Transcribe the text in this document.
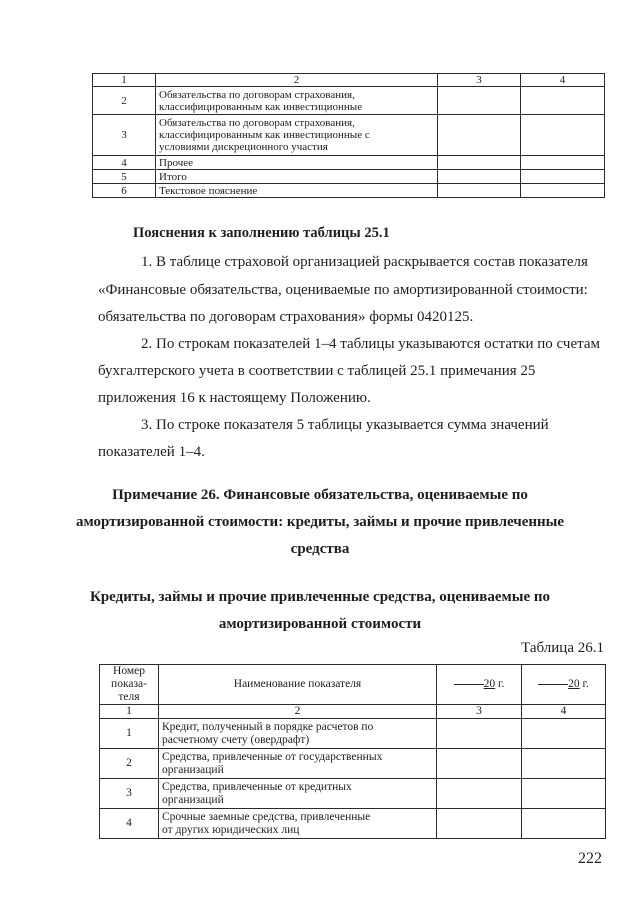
1	2	3	4
2	Обязательства по договорам страхования,
классифицированным как инвестиционные		

3	Обязательства по договорам страхования,
классифицированным как инвестиционные с
условиями дискреционного участия		

4	Прочее		
5	Итого		
6	Текстовое пояснение		
Пояснения к заполнению таблицы 25.1
1. В таблице страховой организацией раскрывается состав показателя
«Финансовые обязательства, оцениваемые по амортизированной стоимости:
обязательства по договорам страхования» формы 0420125.
2. По строкам показателей 1–4 таблицы указываются остатки по счетам
бухгалтерского учета в соответствии с таблицей 25.1 примечания 25
приложения 16 к настоящему Положению.
3. По строке показателя 5 таблицы указывается сумма значений
показателей 1–4.
Примечание 26. Финансовые обязательства, оцениваемые по
амортизированной стоимости: кредиты, займы и прочие привлеченные
средства
Кредиты, займы и прочие привлеченные средства, оцениваемые по
амортизированной стоимости
Таблица 26.1
Номер
показа-
теля	Наименование показателя	20 г.	20 г.
1	2	3	4
1	Кредит, полученный в порядке расчетов по
расчетному счету (овердрафт)		

2	Средства, привлеченные от государственных
организаций		

3	Средства, привлеченные от кредитных
организаций		

4	Срочные заемные средства, привлеченные
от других юридических лиц		

222
